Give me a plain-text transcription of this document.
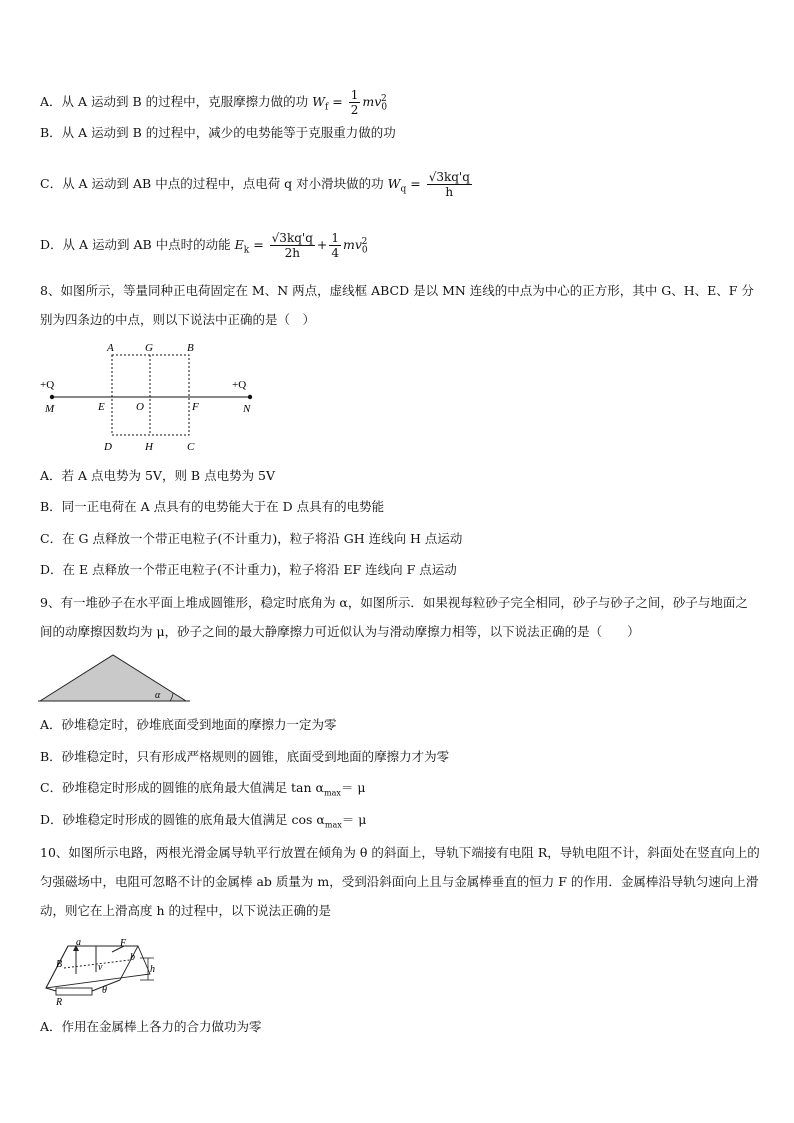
A．从 A 运动到 B 的过程中，克服摩擦力做的功 $W_f = \frac{1}{2} mv_0^2$
B．从 A 运动到 B 的过程中，减少的电势能等于克服重力做的功
C．从 A 运动到 AB 中点的过程中，点电荷 q 对小滑块做的功 $W_q = \frac{√3kq'q}{h}$
D．从 A 运动到 AB 中点时的动能 $E_k = \frac{√3kq'q}{2h} + \frac{1}{4} mv_0^2$
8、如图所示，等量同种正电荷固定在 M、N 两点，虚线框 ABCD 是以 MN 连线的中点为中心的正方形，其中 G、H、E、F 分别为四条边的中点，则以下说法中正确的是（　）
A	G	B
+Q	+Q
M	E	O	F	N
D	H	C
A．若 A 点电势为 5V，则 B 点电势为 5V
B．同一正电荷在 A 点具有的电势能大于在 D 点具有的电势能
C．在 G 点释放一个带正电粒子(不计重力)，粒子将沿 GH 连线向 H 点运动
D．在 E 点释放一个带正电粒子(不计重力)，粒子将沿 EF 连线向 F 点运动
9、有一堆砂子在水平面上堆成圆锥形，稳定时底角为 α，如图所示．如果视每粒砂子完全相同，砂子与砂子之间，砂子与地面之间的动摩擦因数均为 μ，砂子之间的最大静摩擦力可近似认为与滑动摩擦力相等，以下说法正确的是（　　）
α
A．砂堆稳定时，砂堆底面受到地面的摩擦力一定为零
B．砂堆稳定时，只有形成严格规则的圆锥，底面受到地面的摩擦力才为零
C．砂堆稳定时形成的圆锥的底角最大值满足 $\tan \alpha_{max}= \mu$
D．砂堆稳定时形成的圆锥的底角最大值满足 $\cos \alpha_{max}= \mu$
10、如图所示电路，两根光滑金属导轨平行放置在倾角为 θ 的斜面上，导轨下端接有电阻 R，导轨电阻不计，斜面处在竖直向上的匀强磁场中，电阻可忽略不计的金属棒 ab 质量为 m，受到沿斜面向上且与金属棒垂直的恒力 F 的作用．金属棒沿导轨匀速向上滑动，则它在上滑高度 h 的过程中，以下说法正确的是
a	F
b
B	v	h
θ
R
A．作用在金属棒上各力的合力做功为零
